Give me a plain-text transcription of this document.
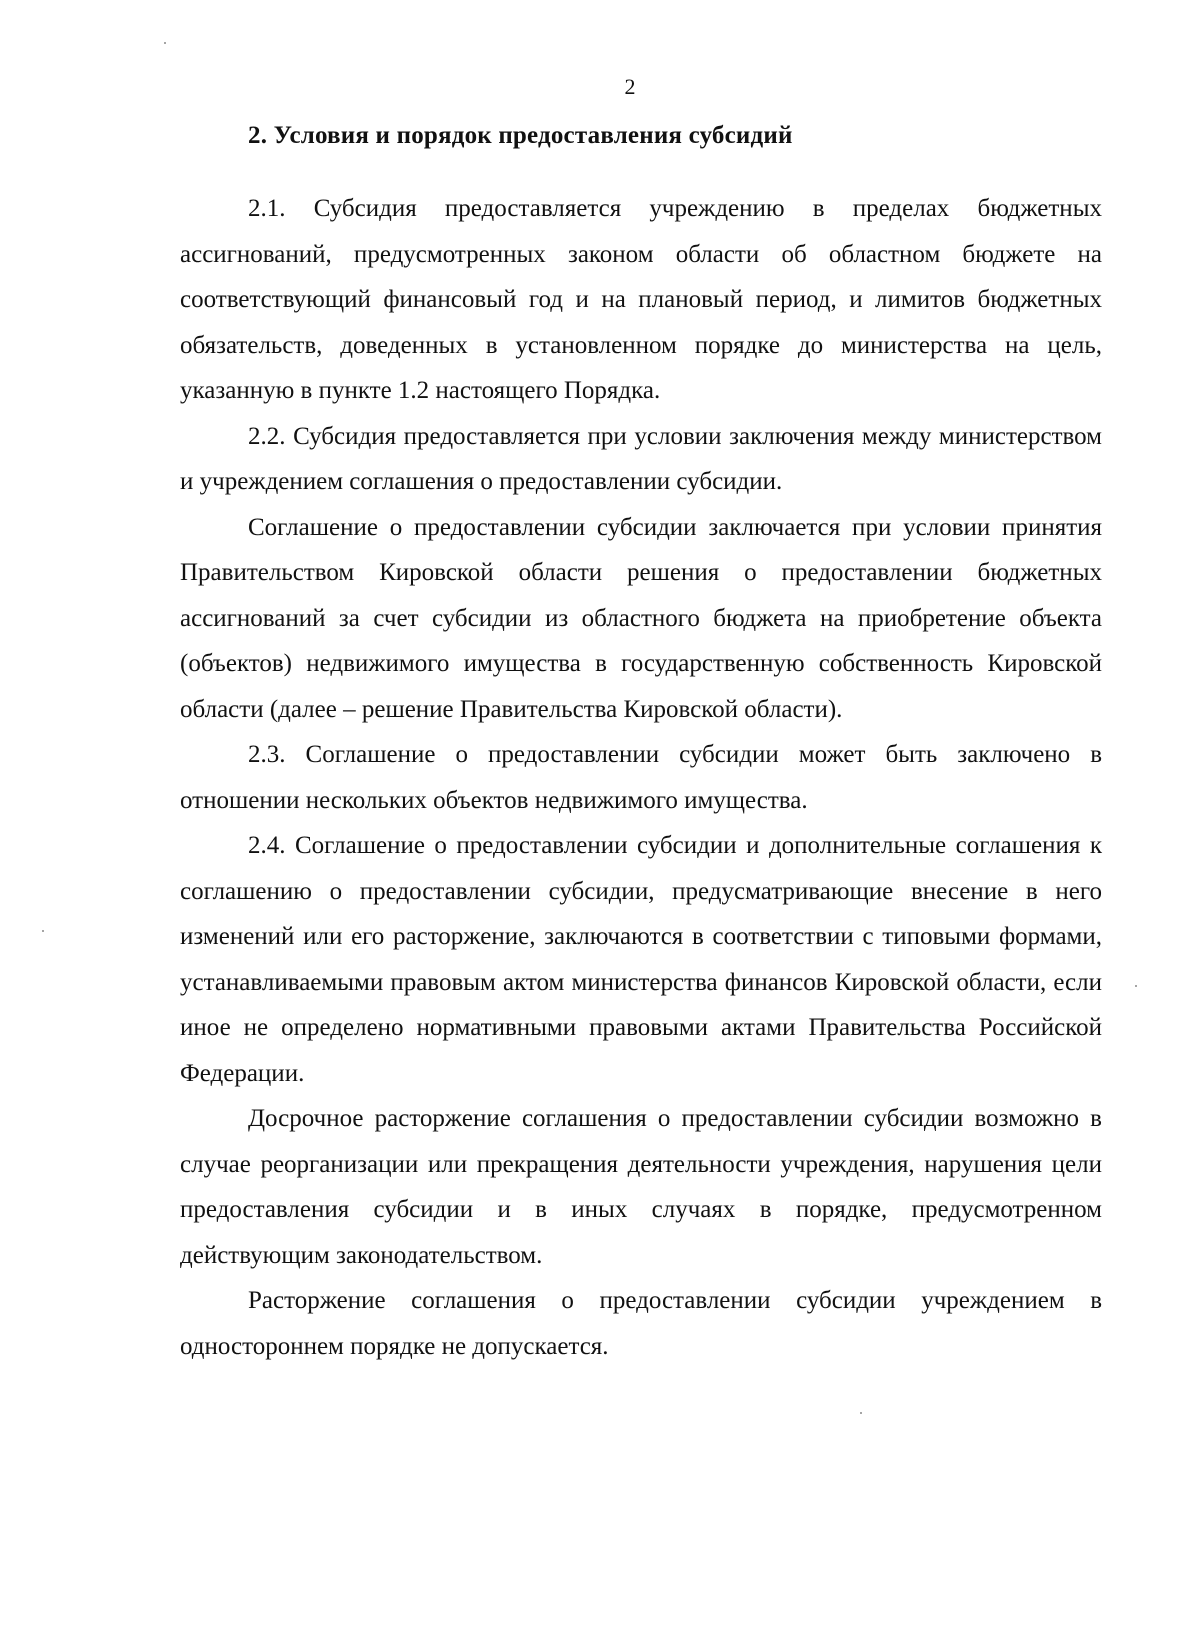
2
2. Условия и порядок предоставления субсидий

2.1. Субсидия предоставляется учреждению в пределах бюджетных ассигнований, предусмотренных законом области об областном бюджете на соответствующий финансовый год и на плановый период, и лимитов бюджетных обязательств, доведенных в установленном порядке до министерства на цель, указанную в пункте 1.2 настоящего Порядка.

2.2. Субсидия предоставляется при условии заключения между министерством и учреждением соглашения о предоставлении субсидии.

Соглашение о предоставлении субсидии заключается при условии принятия Правительством Кировской области решения о предоставлении бюджетных ассигнований за счет субсидии из областного бюджета на приобретение объекта (объектов) недвижимого имущества в государственную собственность Кировской области (далее – решение Правительства Кировской области).

2.3. Соглашение о предоставлении субсидии может быть заключено в отношении нескольких объектов недвижимого имущества.

2.4. Соглашение о предоставлении субсидии и дополнительные соглашения к соглашению о предоставлении субсидии, предусматривающие внесение в него изменений или его расторжение, заключаются в соответствии с типовыми формами, устанавливаемыми правовым актом министерства финансов Кировской области, если иное не определено нормативными правовыми актами Правительства Российской Федерации.

Досрочное расторжение соглашения о предоставлении субсидии возможно в случае реорганизации или прекращения деятельности учреждения, нарушения цели предоставления субсидии и в иных случаях в порядке, предусмотренном действующим законодательством.

Расторжение соглашения о предоставлении субсидии учреждением в одностороннем порядке не допускается.
